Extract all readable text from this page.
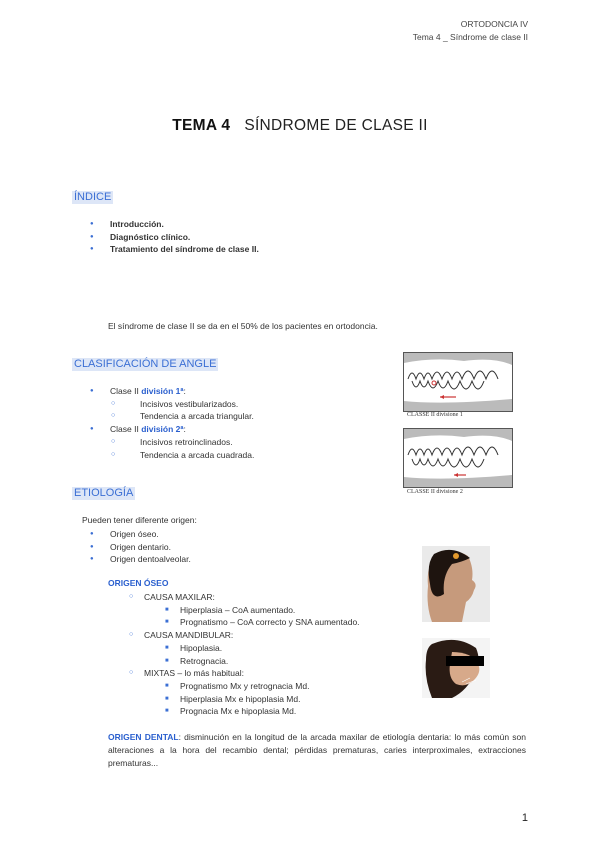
ORTODONCIA IV
Tema 4 _ Síndrome de clase II
TEMA 4 SÍNDROME DE CLASE II
ÍNDICE
● Introducción.
● Diagnóstico clínico.
● Tratamiento del síndrome de clase II.
El síndrome de clase II se da en el 50% de los pacientes en ortodoncia.
CLASIFICACIÓN DE ANGLE
● Clase II división 1ª:
○ Incisivos vestibularizados.
○ Tendencia a arcada triangular.
● Clase II división 2ª:
○ Incisivos retroinclinados.
○ Tendencia a arcada cuadrada.
CLASSE II divisione 1
CLASSE II divisione 2
ETIOLOGÍA
Pueden tener diferente origen:
● Origen óseo.
● Origen dentario.
● Origen dentoalveolar.
ORIGEN ÓSEO
○ CAUSA MAXILAR:
■ Hiperplasia – CoA aumentado.
■ Prognatismo – CoA correcto y SNA aumentado.
○ CAUSA MANDIBULAR:
■ Hipoplasia.
■ Retrognacia.
○ MIXTAS – lo más habitual:
■ Prognatismo Mx y retrognacia Md.
■ Hiperplasia Mx e hipoplasia Md.
■ Prognacia Mx e hipoplasia Md.
ORIGEN DENTAL: disminución en la longitud de la arcada maxilar de etiología dentaria: lo más común son alteraciones a la hora del recambio dental; pérdidas prematuras, caries interproximales, extracciones prematuras...
1
